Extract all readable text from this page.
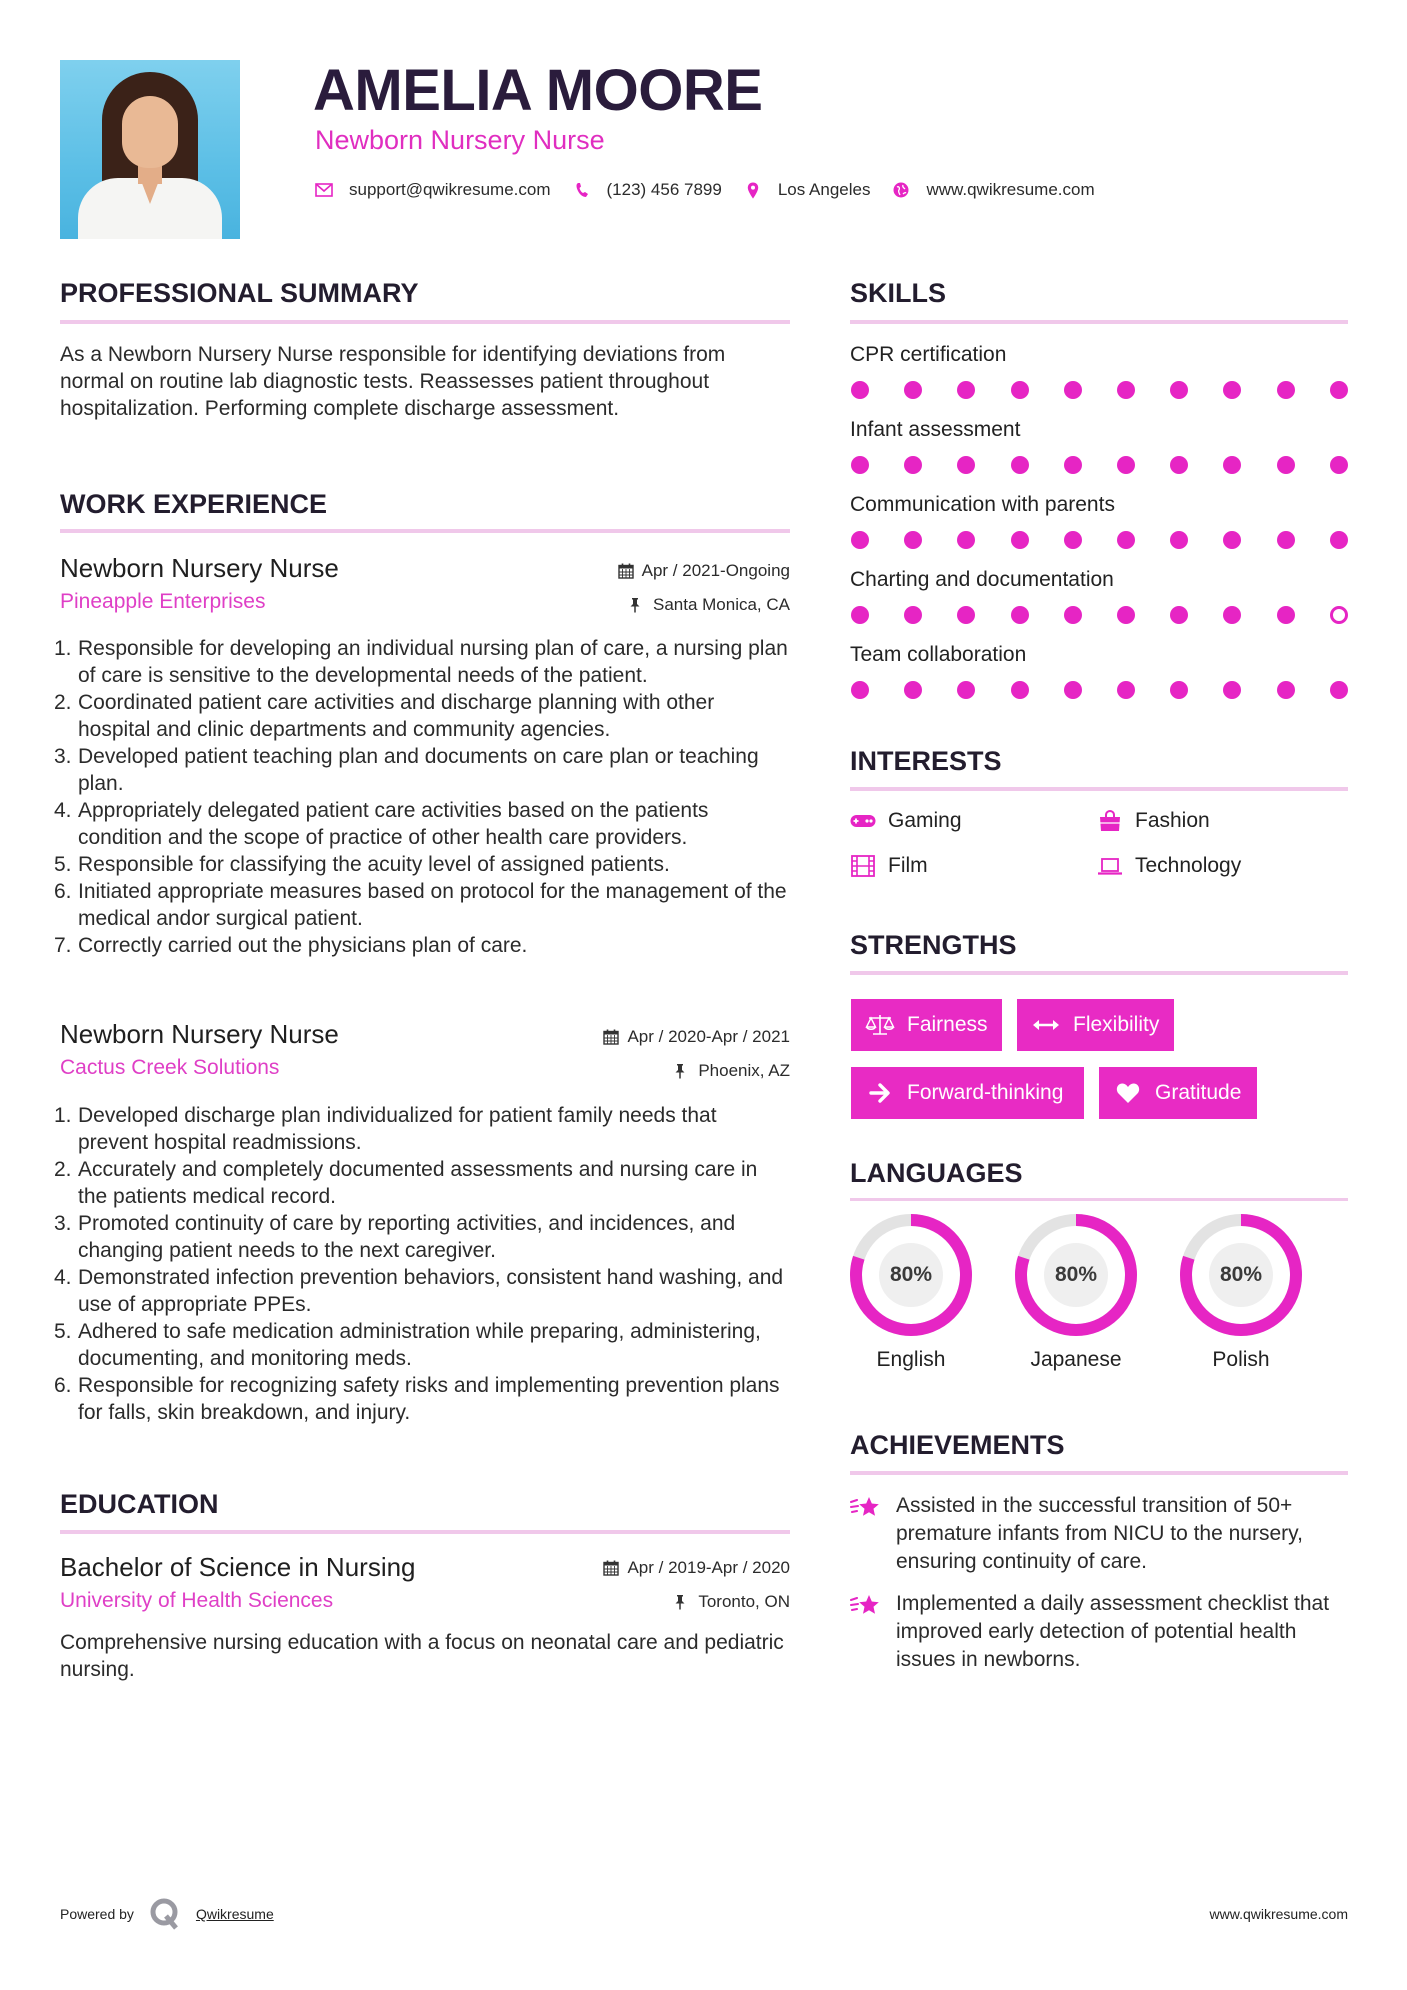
AMELIA MOORE
Newborn Nursery Nurse
support@qwikresume.com	(123) 456 7899	Los Angeles	www.qwikresume.com
PROFESSIONAL SUMMARY
As a Newborn Nursery Nurse responsible for identifying deviations from normal on routine lab diagnostic tests. Reassesses patient throughout hospitalization. Performing complete discharge assessment.
WORK EXPERIENCE
Newborn Nursery Nurse
Pineapple Enterprises
Apr / 2021-Ongoing
Santa Monica, CA
1. Responsible for developing an individual nursing plan of care, a nursing plan of care is sensitive to the developmental needs of the patient.
2. Coordinated patient care activities and discharge planning with other hospital and clinic departments and community agencies.
3. Developed patient teaching plan and documents on care plan or teaching plan.
4. Appropriately delegated patient care activities based on the patients condition and the scope of practice of other health care providers.
5. Responsible for classifying the acuity level of assigned patients.
6. Initiated appropriate measures based on protocol for the management of the medical andor surgical patient.
7. Correctly carried out the physicians plan of care.
Newborn Nursery Nurse
Cactus Creek Solutions
Apr / 2020-Apr / 2021
Phoenix, AZ
1. Developed discharge plan individualized for patient family needs that prevent hospital readmissions.
2. Accurately and completely documented assessments and nursing care in the patients medical record.
3. Promoted continuity of care by reporting activities, and incidences, and changing patient needs to the next caregiver.
4. Demonstrated infection prevention behaviors, consistent hand washing, and use of appropriate PPEs.
5. Adhered to safe medication administration while preparing, administering, documenting, and monitoring meds.
6. Responsible for recognizing safety risks and implementing prevention plans for falls, skin breakdown, and injury.
EDUCATION
Bachelor of Science in Nursing
University of Health Sciences
Apr / 2019-Apr / 2020
Toronto, ON
Comprehensive nursing education with a focus on neonatal care and pediatric nursing.
SKILLS
CPR certification
Infant assessment
Communication with parents
Charting and documentation
Team collaboration
INTERESTS
Gaming	Fashion
Film	Technology
STRENGTHS
Fairness	Flexibility
Forward-thinking	Gratitude
LANGUAGES
80%
English
80%
Japanese
80%
Polish
ACHIEVEMENTS
Assisted in the successful transition of 50+ premature infants from NICU to the nursery, ensuring continuity of care.
Implemented a daily assessment checklist that improved early detection of potential health issues in newborns.
Powered by	Qwikresume	www.qwikresume.com
